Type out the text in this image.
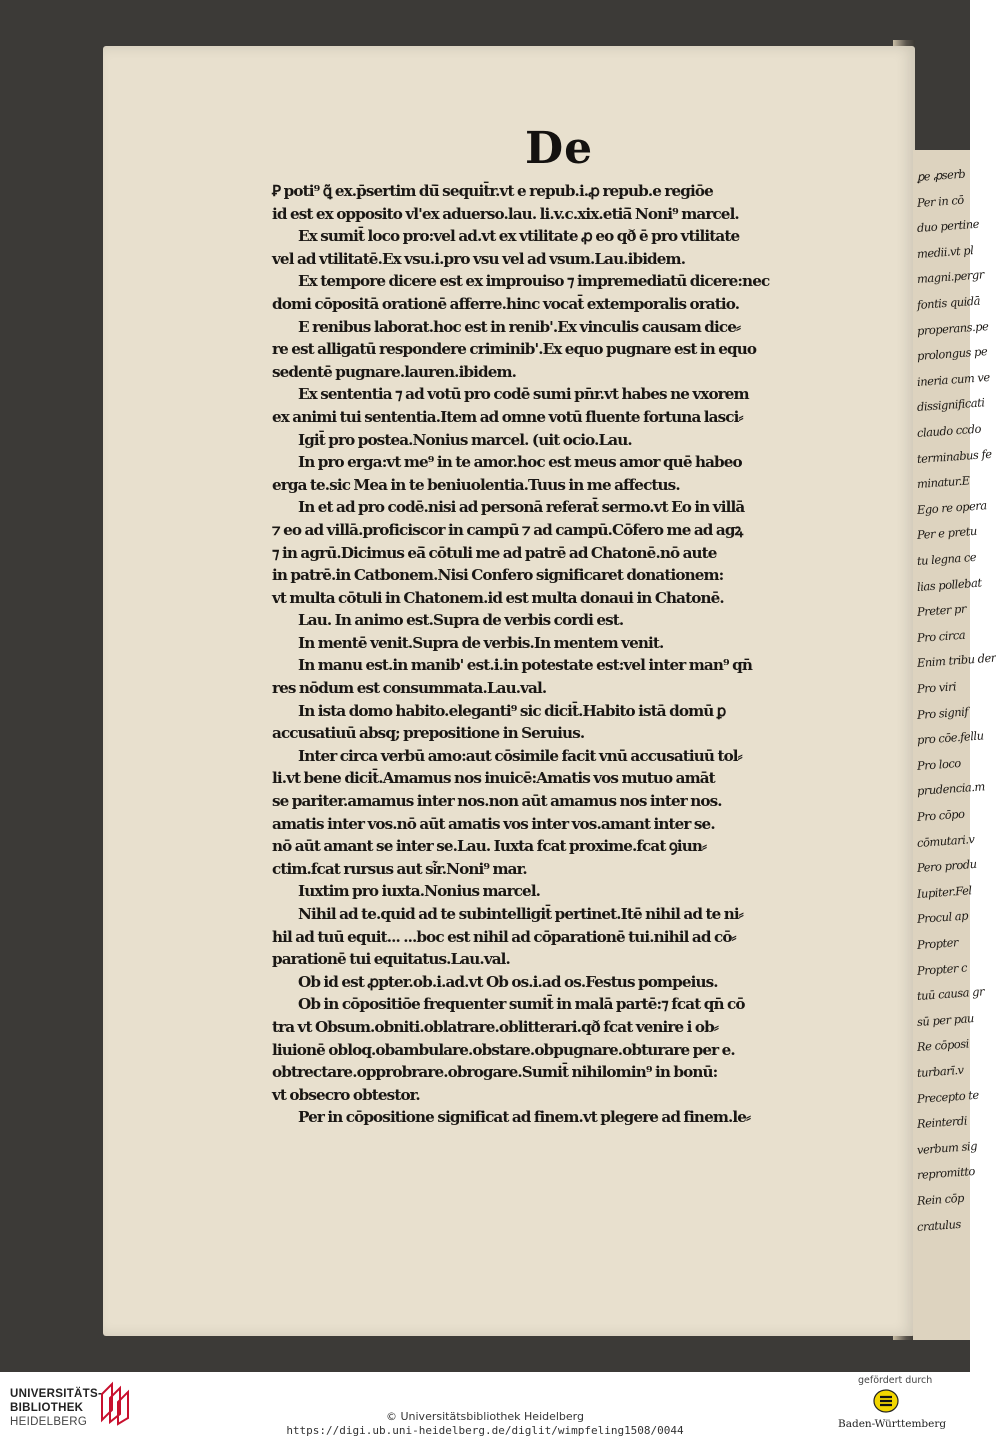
ꝑe ꝓserb
Per in cō
duo pertine
medii.vt pl
magni.pergr
fontis quidā
properans.pe
prolongus pe
ineria cum ve
dissignificati
claudo ccdo
terminabus fe
minatur.E
Ego re opera
Per e pretu
tu legna ce
lias pollebat
Preter pr
Pro circa
Enim tribu der
Pro viri
Pro signif
pro cōe.fellu
Pro loco
prudencia.m
Pro cōpo
cōmutari.v
Pero produ
Iupiter.Fel
Procul ap
Propter
Propter c
tuū causa gr
sū per pau
Re cōposi
turbarī.v
Precepto te
Reinterdi
verbum sig
repromitto
Rein cōp
cratulus
De
Ꝑ poti⁹ ꝗ͂ ex.p̄sertim dū̄ sequit̄r.vt e repub.i.ꝓ repub.e regiōe
id est ex opposito vl'ex aduerso.lau. li.v.c.xix.etiā̄ Noni⁹ marcel.
Ex sumit̄ loco pro:vel ad.vt ex vtilitate ꝓ eo qð ē pro vtilitate
vel ad vtilitatē.Ex vsu.i.pro vsu vel ad vsum.Lau.ibidem.
Ex tempore dicere est ex improuiso ⁊ impremediatū dicere:nec
domi cōpositā orationē afferre.hinc vocat̄ extemporalis oratio.
E renibus laborat.hoc est in renib'.Ex vinculis causam dice⸗
re est alligatū respondere criminib'.Ex equo pugnare est in equo
sedentē pugnare.lauren.ibidem.
Ex sententia ⁊ ad votū pro codē sumi pn̄r.vt habes ne vxorem
ex animi tui sententia.Item ad omne votū fluente fortuna lasci⸗
Igit̄ pro postea.Nonius marcel. (uit ocio.Lau.
In pro erga:vt me⁹ in te amor.hoc est meus amor quē habeo
erga te.sic Mea in te beniuolentia.Tuus in me affectus.
In et ad pro codē.nisi ad personā referat̄ sermo.vt Eo in villā
⁊ eo ad villā.proficiscor in campū ⁊ ad campū.Cōfero me ad agꝝ
⁊ in agrū.Dicimus eā̄ cōtuli me ad patrē ad Chatonē.nō aute
in patrē.in Catbonem.Nisi Confero significaret donationem:
vt multa cōtuli in Chatonem.id est multa donaui in Chatonē.
Lau. In animo est.Supra de verbis cordi est.
In mentē venit.Supra de verbis.In mentem venit.
In manu est.in manib' est.i.in potestate est:vel inter man⁹ qn̄
res nōdum est consummata.Lau.val.
In ista domo habito.eleganti⁹ sic dicit̄.Habito istā domū ꝑ
accusatiuū absq; prepositione in Seruius.
Inter circa verbū amo:aut cōsimile facit vnū accusatiuū tol⸗
li.vt bene dicit̄.Amamus nos inuicē:Amatis vos mutuo amāt
se pariter.amamus inter nos.non aūt amamus nos inter nos.
amatis inter vos.nō aūt amatis vos inter vos.amant inter se.
nō aūt amant se inter se.Lau. Iuxta fcat proxime.fcat ꝯiun⸗
ctim.fcat rursus aut si͂r.Noni⁹ mar.
Iuxtim pro iuxta.Nonius marcel.
Nihil ad te.quid ad te subintelligit̄ pertinet.Itē nihil ad te ni⸗
hil ad tuū equit... ...boc est nihil ad cōparationē tui.nihil ad cō⸗
parationē tui equitatus.Lau.val.
Ob id est ꝓpter.ob.i.ad.vt Ob os.i.ad os.Festus pompeius.
Ob in cōpositiōe frequenter sumit̄ in malā partē:⁊ fcat qn̄ cō
tra vt Obsum.obniti.oblatrare.oblitterari.qð fcat venire i ob⸗
liuionē obloq.obambulare.obstare.obpugnare.obturare per e.
obtrectare.opprobrare.obrogare.Sumit̄ nihilomin⁹ in bonū:
vt obsecro obtestor.
Per in cōpositione significat ad finem.vt plegere ad finem.le⸗
UNIVERSITÄTS-
BIBLIOTHEK
HEIDELBERG	© Universitätsbibliothek Heidelberg
https://digi.ub.uni-heidelberg.de/diglit/wimpfeling1508/0044
gefördert durch
Baden-Württemberg
